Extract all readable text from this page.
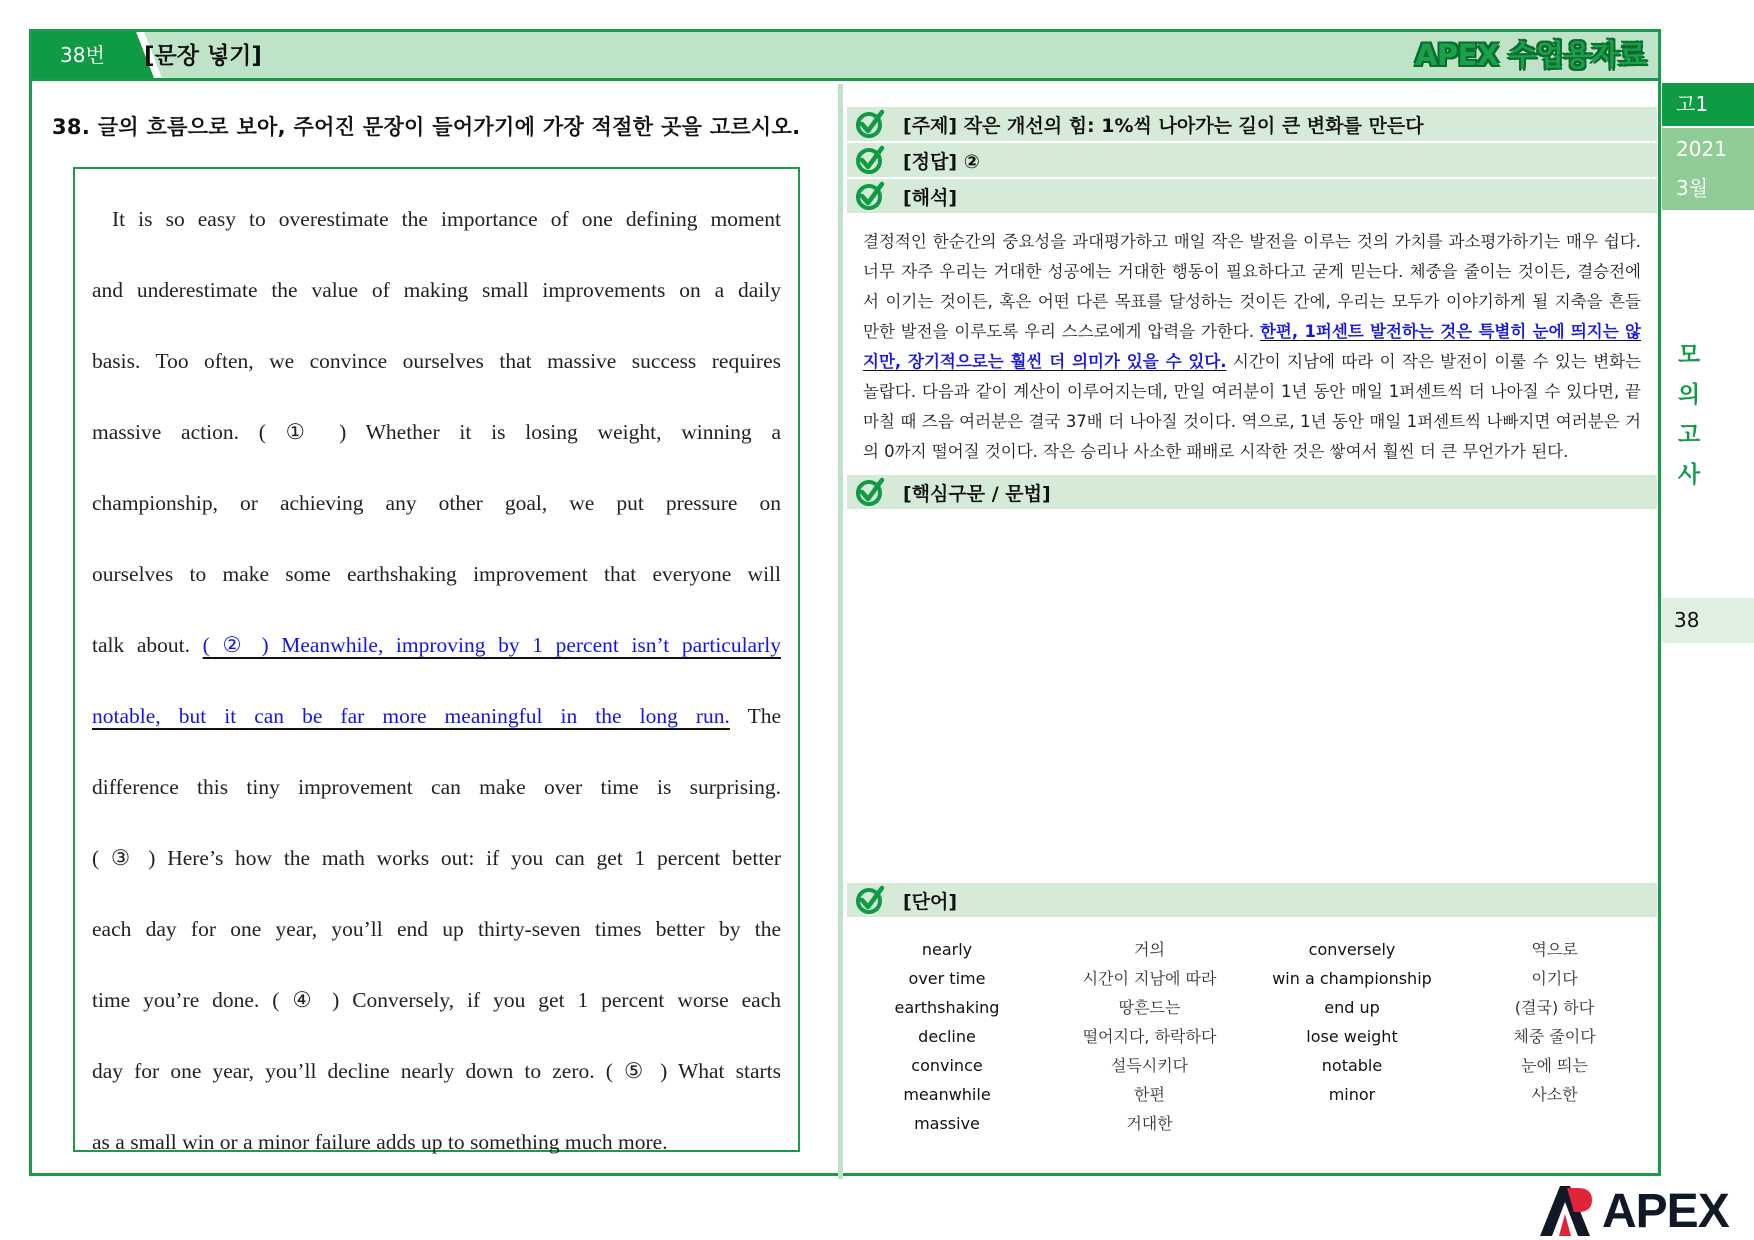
38번	[문장 넣기]	APEX 수업용자료
38. 글의 흐름으로 보아, 주어진 문장이 들어가기에 가장 적절한 곳을 고르시오.

It is so easy to overestimate the importance of one defining moment

and underestimate the value of making small improvements on a daily

basis. Too often, we convince ourselves that massive success requires

massive action. ( ① ) Whether it is losing weight, winning a

championship, or achieving any other goal, we put pressure on

ourselves to make some earthshaking improvement that everyone will

talk about. ( ② ) Meanwhile, improving by 1 percent isn’t particularly

notable, but it can be far more meaningful in the long run. The

difference this tiny improvement can make over time is surprising.

( ③ ) Here’s how the math works out: if you can get 1 percent better

each day for one year, you’ll end up thirty-seven times better by the

time you’re done. ( ④ ) Conversely, if you get 1 percent worse each

day for one year, you’ll decline nearly down to zero. ( ⑤ ) What starts

as a small win or a minor failure adds up to something much more.

[주제] 작은 개선의 힘: 1%씩 나아가는 길이 큰 변화를 만든다
[정답] ②
[해석]
결정적인 한순간의 중요성을 과대평가하고 매일 작은 발전을 이루는 것의 가치를 과소평가하기는 매우 쉽다. 너무 자주 우리는 거대한 성공에는 거대한 행동이 필요하다고 굳게 믿는다. 체중을 줄이는 것이든, 결승전에서 이기는 것이든, 혹은 어떤 다른 목표를 달성하는 것이든 간에, 우리는 모두가 이야기하게 될 지축을 흔들 만한 발전을 이루도록 우리 스스로에게 압력을 가한다. 한편, 1퍼센트 발전하는 것은 특별히 눈에 띄지는 않지만, 장기적으로는 훨씬 더 의미가 있을 수 있다. 시간이 지남에 따라 이 작은 발전이 이룰 수 있는 변화는 놀랍다. 다음과 같이 계산이 이루어지는데, 만일 여러분이 1년 동안 매일 1퍼센트씩 더 나아질 수 있다면, 끝마칠 때 즈음 여러분은 결국 37배 더 나아질 것이다. 역으로, 1년 동안 매일 1퍼센트씩 나빠지면 여러분은 거의 0까지 떨어질 것이다. 작은 승리나 사소한 패배로 시작한 것은 쌓여서 훨씬 더 큰 무언가가 된다.
[핵심구문 / 문법]
[단어]
nearly	거의	conversely	역으로
over time	시간이 지남에 따라	win a championship	이기다
earthshaking	땅흔드는	end up	(결국) 하다
decline	떨어지다, 하락하다	lose weight	체중 줄이다
convince	설득시키다	notable	눈에 띄는
meanwhile	한편	minor	사소한
massive	거대한
고1
2021
3월
모
의
고
사
38
APEX
